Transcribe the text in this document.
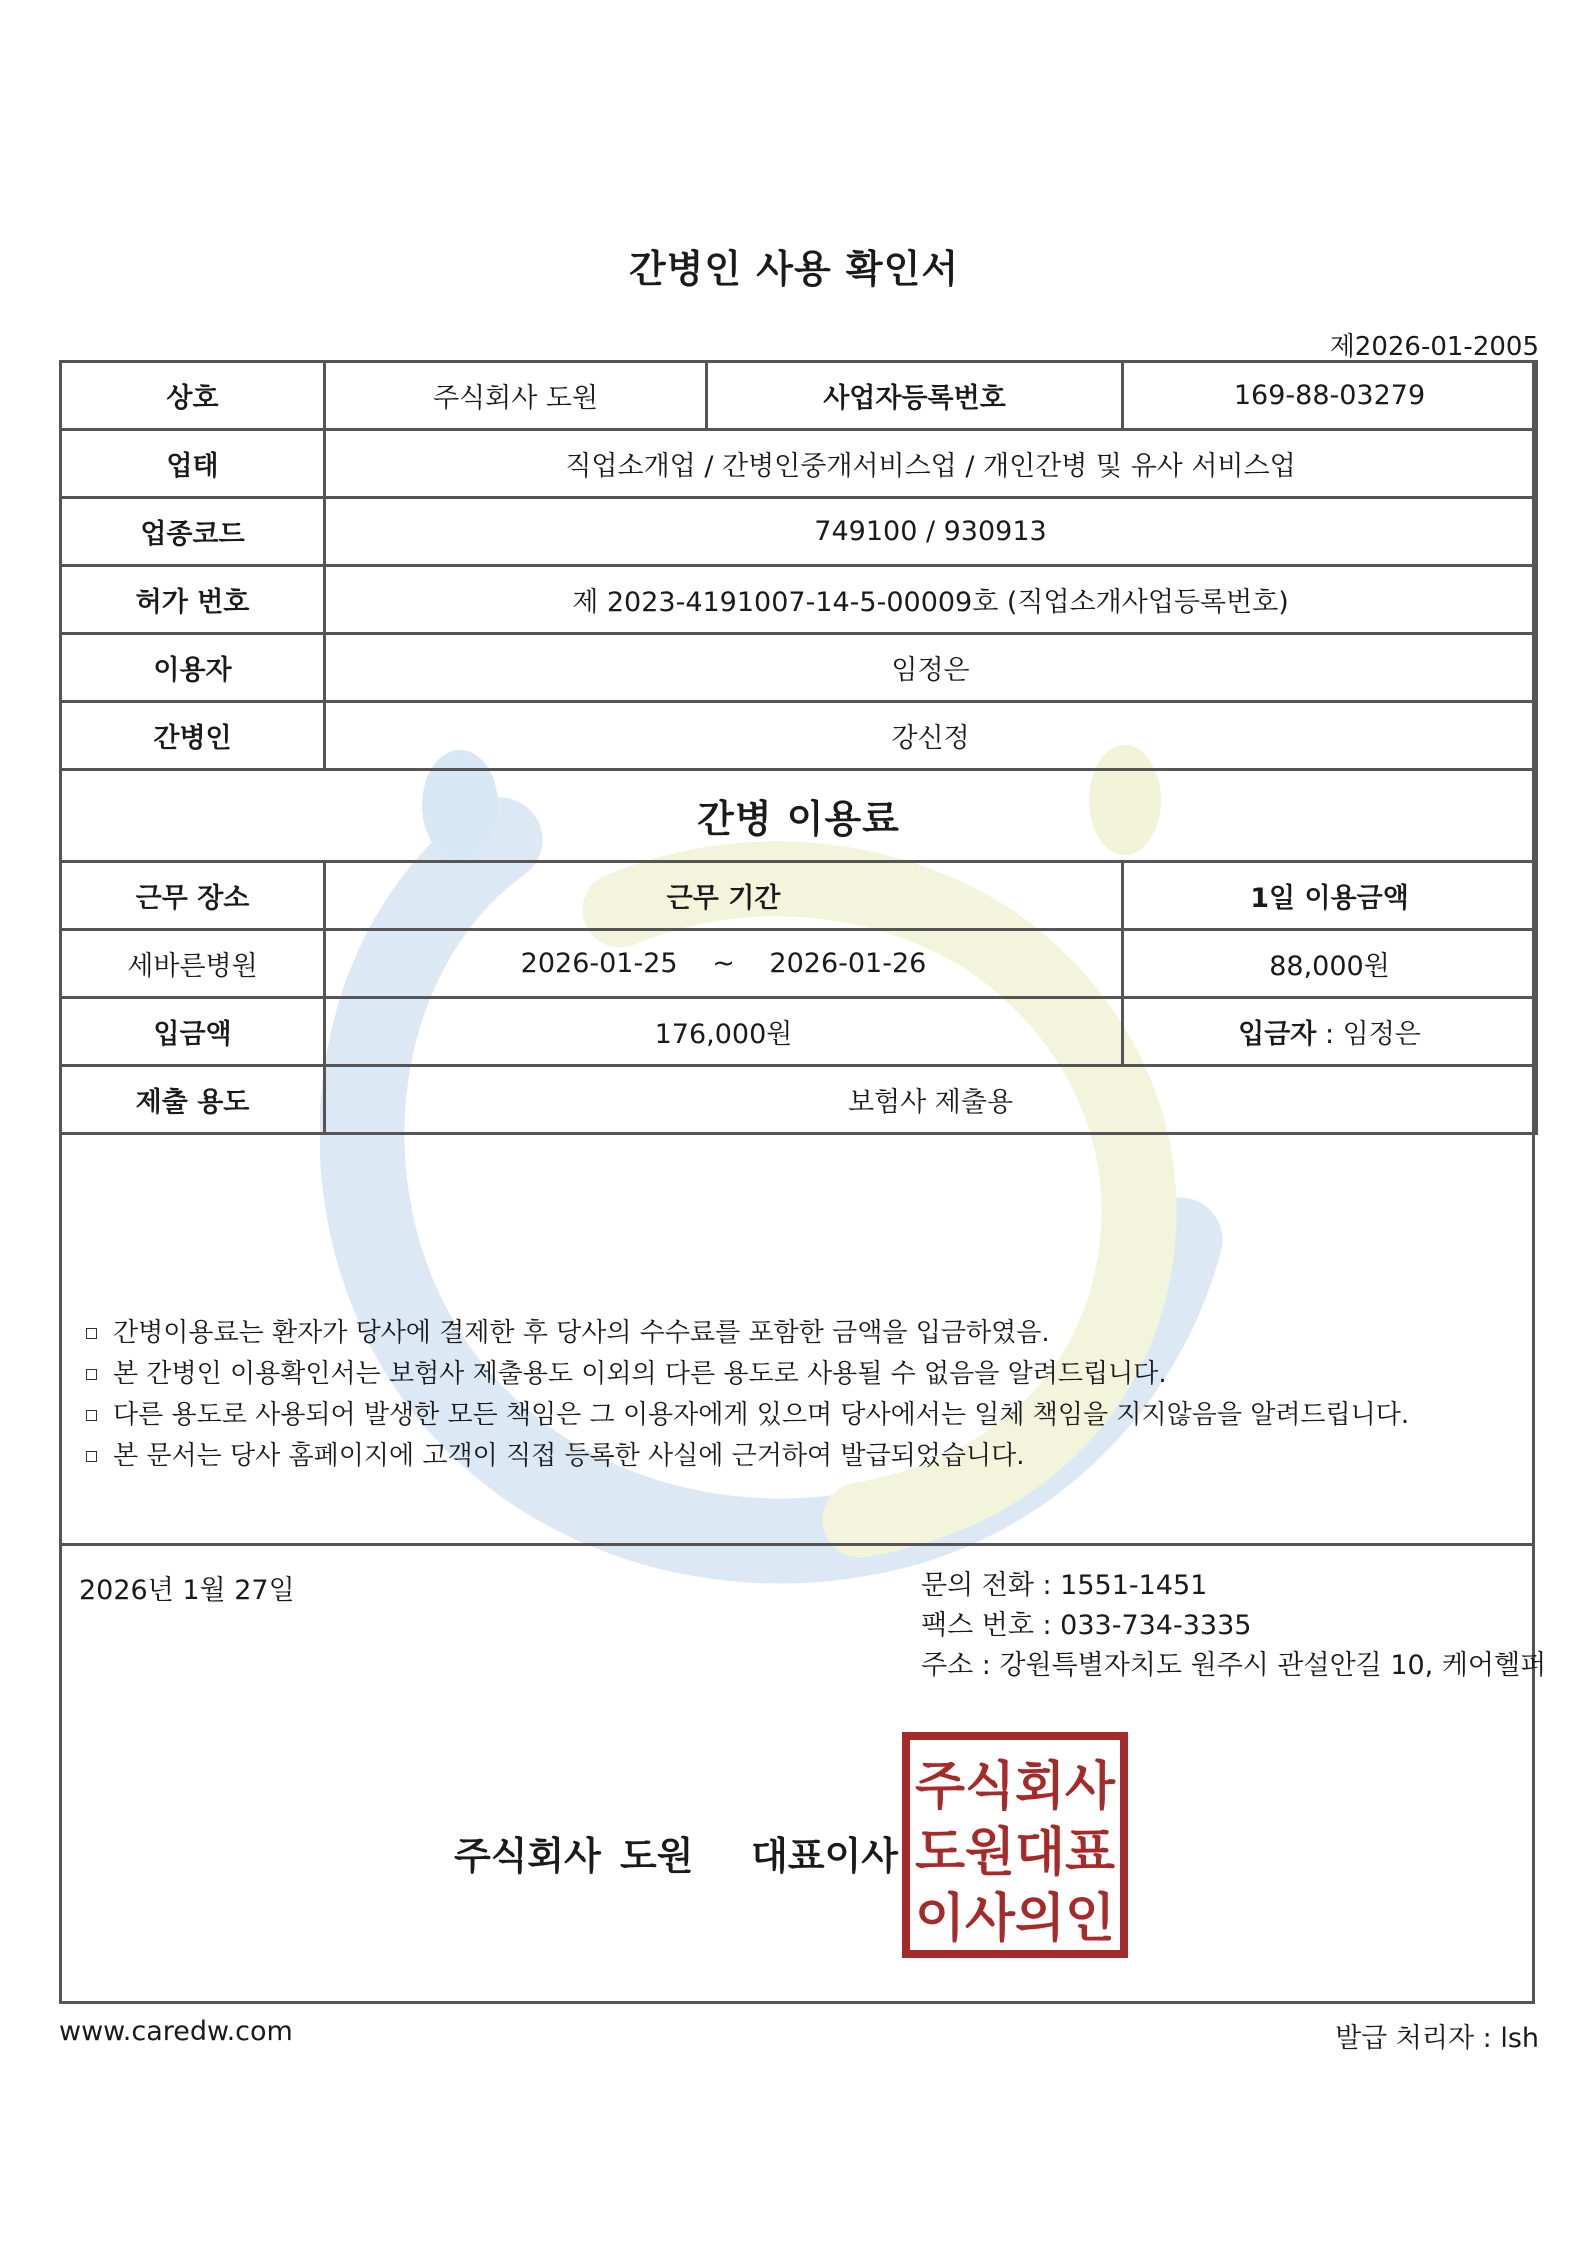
간병인 사용 확인서
제2026-01-2005
상호	주식회사 도원	사업자등록번호	169-88-03279
업태	직업소개업 / 간병인중개서비스업 / 개인간병 및 유사 서비스업		
업종코드	749100 / 930913		
허가 번호	제 2023-4191007-14-5-00009호 (직업소개사업등록번호)		
이용자	임정은		
간병인	강신정		
간병 이용료			
근무 장소	근무 기간		1일 이용금액
세바른병원	2026-01-25 ~ 2026-01-26		88,000원
입금액	176,000원		입금자 : 임정은
제출 용도	보험사 제출용		
간병이용료는 환자가 당사에 결제한 후 당사의 수수료를 포함한 금액을 입금하였음.
본 간병인 이용확인서는 보험사 제출용도 이외의 다른 용도로 사용될 수 없음을 알려드립니다.
다른 용도로 사용되어 발생한 모든 책임은 그 이용자에게 있으며 당사에서는 일체 책임을 지지않음을 알려드립니다.
본 문서는 당사 홈페이지에 고객이 직접 등록한 사실에 근거하여 발급되었습니다.
2026년 1월 27일	문의 전화 : 1551-1451
팩스 번호 : 033-734-3335
주소 : 강원특별자치도 원주시 관설안길 10, 케어헬퍼
주식회사 도원   대표이사
주식회사
도원대표
이사의인
www.caredw.com	발급 처리자 : lsh
